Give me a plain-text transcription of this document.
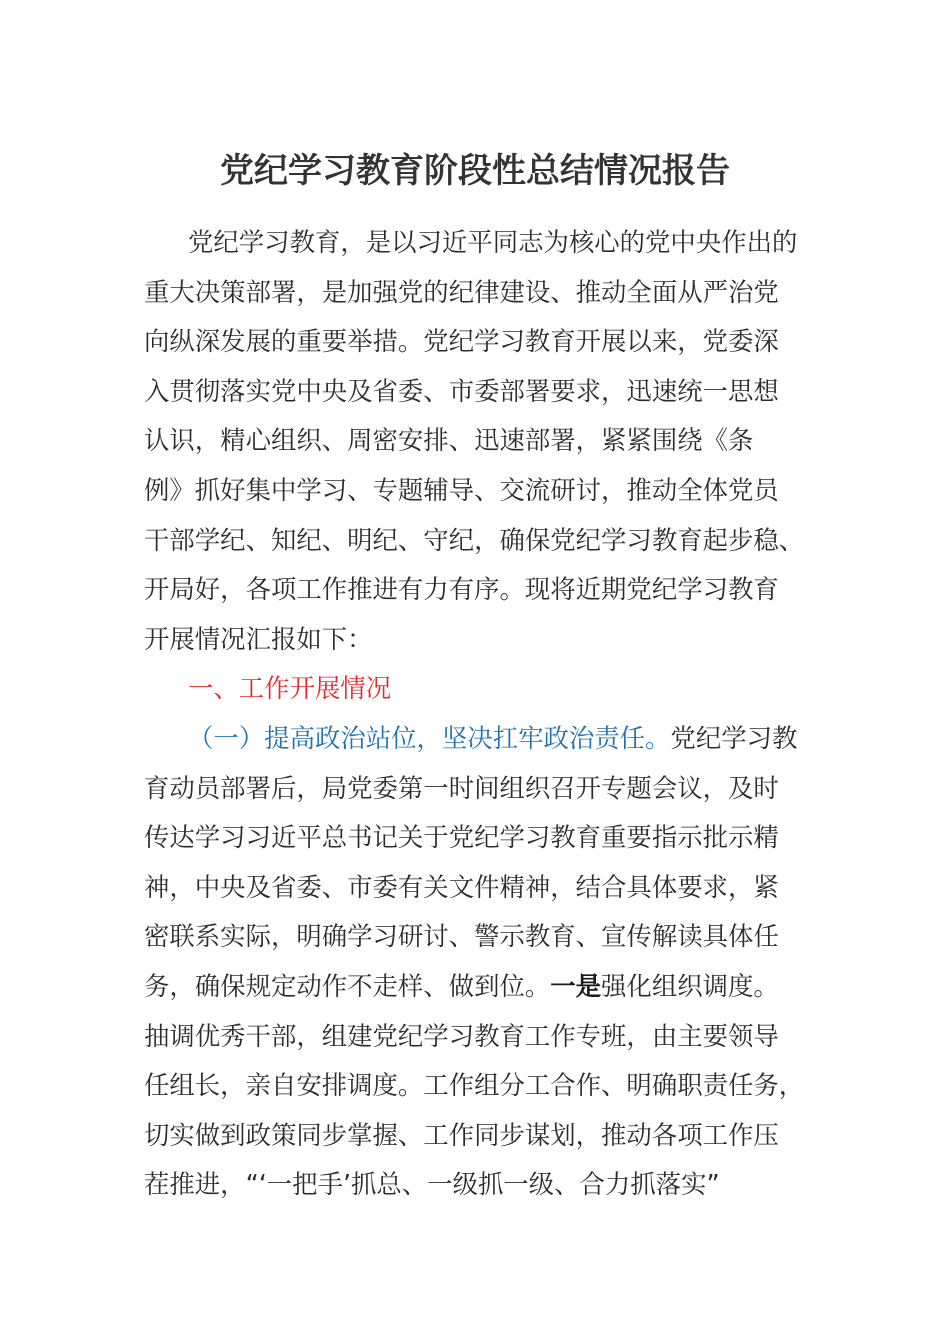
党纪学习教育阶段性总结情况报告
党纪学习教育，是以习近平同志为核心的党中央作出的
重大决策部署，是加强党的纪律建设、推动全面从严治党
向纵深发展的重要举措。党纪学习教育开展以来，党委深
入贯彻落实党中央及省委、市委部署要求，迅速统一思想
认识，精心组织、周密安排、迅速部署，紧紧围绕《条
例》抓好集中学习、专题辅导、交流研讨，推动全体党员
干部学纪、知纪、明纪、守纪，确保党纪学习教育起步稳、
开局好，各项工作推进有力有序。现将近期党纪学习教育
开展情况汇报如下：
一、工作开展情况
（一）提高政治站位，坚决扛牢政治责任。党纪学习教
育动员部署后，局党委第一时间组织召开专题会议，及时
传达学习习近平总书记关于党纪学习教育重要指示批示精
神，中央及省委、市委有关文件精神，结合具体要求，紧
密联系实际，明确学习研讨、警示教育、宣传解读具体任
务，确保规定动作不走样、做到位。一是强化组织调度。
抽调优秀干部，组建党纪学习教育工作专班，由主要领导
任组长，亲自安排调度。工作组分工合作、明确职责任务，
切实做到政策同步掌握、工作同步谋划，推动各项工作压
茬推进，“‘一把手’抓总、一级抓一级、合力抓落实”
